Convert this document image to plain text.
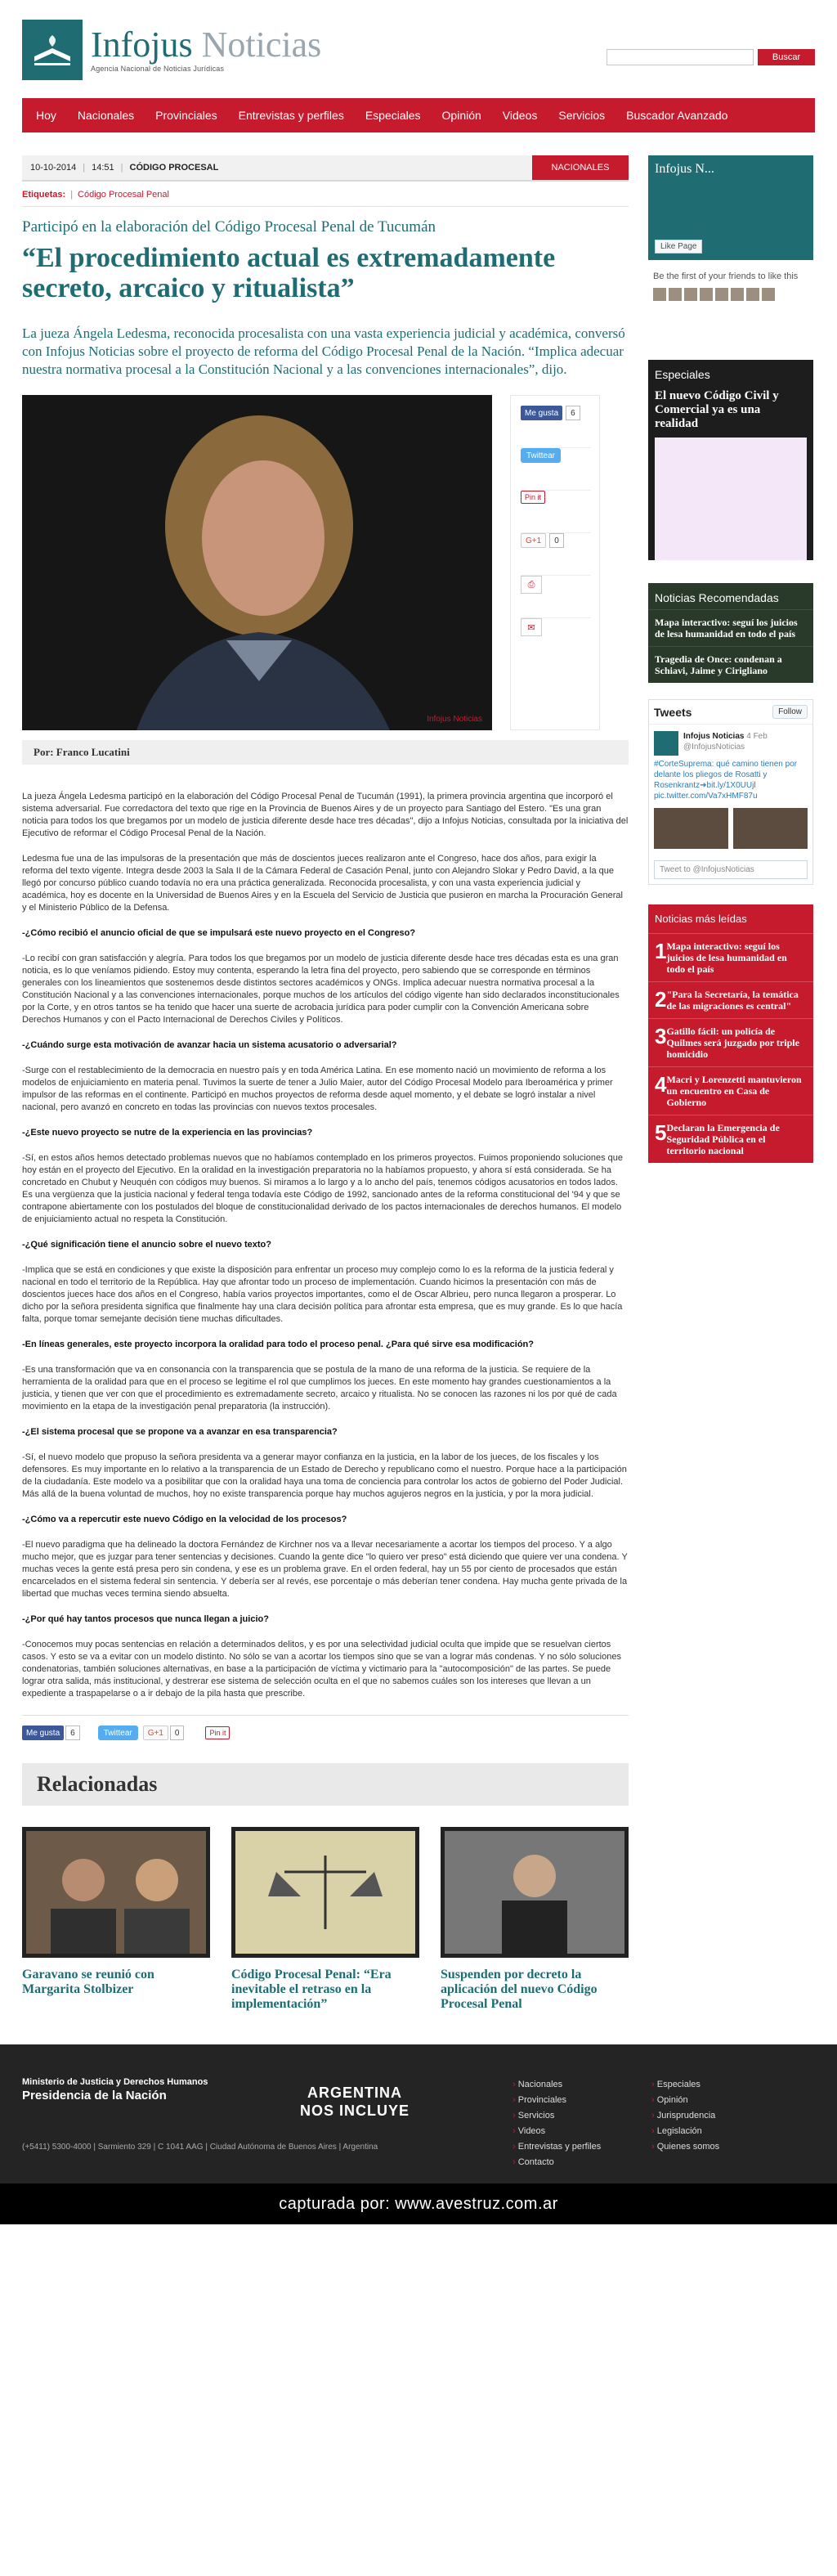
Infojus Noticias
Agencia Nacional de Noticias Jurídicas
Buscar
Hoy	Nacionales	Provinciales	Entrevistas y perfiles	Especiales	Opinión	Videos	Servicios	Buscador Avanzado
10-10-2014 | 14:51 | CÓDIGO PROCESAL	NACIONALES
Etiquetas: | Código Procesal Penal
Participó en la elaboración del Código Procesal Penal de Tucumán
“El procedimiento actual es extremadamente secreto, arcaico y ritualista”

La jueza Ángela Ledesma, reconocida procesalista con una vasta experiencia judicial y académica, conversó con Infojus Noticias sobre el proyecto de reforma del Código Procesal Penal de la Nación. “Implica adecuar nuestra normativa procesal a la Constitución Nacional y a las convenciones internacionales”, dijo.

Infojus Noticias
Me gusta	6
Twittear
Pin it
G+1	0
⎙
✉
Por: Franco Lucatini

La jueza Ángela Ledesma participó en la elaboración del Código Procesal Penal de Tucumán (1991), la primera provincia argentina que incorporó el sistema adversarial. Fue corredactora del texto que rige en la Provincia de Buenos Aires y de un proyecto para Santiago del Estero. "Es una gran noticia para todos los que bregamos por un modelo de justicia diferente desde hace tres décadas", dijo a Infojus Noticias, consultada por la iniciativa del Ejecutivo de reformar el Código Procesal Penal de la Nación.

Ledesma fue una de las impulsoras de la presentación que más de doscientos jueces realizaron ante el Congreso, hace dos años, para exigir la reforma del texto vigente. Integra desde 2003 la Sala II de la Cámara Federal de Casación Penal, junto con Alejandro Slokar y Pedro David, a la que llegó por concurso público cuando todavía no era una práctica generalizada. Reconocida procesalista, y con una vasta experiencia judicial y académica, hoy es docente en la Universidad de Buenos Aires y en la Escuela del Servicio de Justicia que pusieron en marcha la Procuración General y el Ministerio Público de la Defensa.

-¿Cómo recibió el anuncio oficial de que se impulsará este nuevo proyecto en el Congreso?

-Lo recibí con gran satisfacción y alegría. Para todos los que bregamos por un modelo de justicia diferente desde hace tres décadas esta es una gran noticia, es lo que veníamos pidiendo. Estoy muy contenta, esperando la letra fina del proyecto, pero sabiendo que se corresponde en términos generales con los lineamientos que sostenemos desde distintos sectores académicos y ONGs. Implica adecuar nuestra normativa procesal a la Constitución Nacional y a las convenciones internacionales, porque muchos de los artículos del código vigente han sido declarados inconstitucionales por la Corte, y en otros tantos se ha tenido que hacer una suerte de acrobacia jurídica para poder cumplir con la Convención Americana sobre Derechos Humanos y con el Pacto Internacional de Derechos Civiles y Políticos.

-¿Cuándo surge esta motivación de avanzar hacia un sistema acusatorio o adversarial?

-Surge con el restablecimiento de la democracia en nuestro país y en toda América Latina. En ese momento nació un movimiento de reforma a los modelos de enjuiciamiento en materia penal. Tuvimos la suerte de tener a Julio Maier, autor del Código Procesal Modelo para Iberoamérica y primer impulsor de las reformas en el continente. Participó en muchos proyectos de reforma desde aquel momento, y el debate se logró instalar a nivel nacional, pero avanzó en concreto en todas las provincias con nuevos textos procesales.

-¿Este nuevo proyecto se nutre de la experiencia en las provincias?

-Sí, en estos años hemos detectado problemas nuevos que no habíamos contemplado en los primeros proyectos. Fuimos proponiendo soluciones que hoy están en el proyecto del Ejecutivo. En la oralidad en la investigación preparatoria no la habíamos propuesto, y ahora sí está considerada. Se ha concretado en Chubut y Neuquén con códigos muy buenos. Si miramos a lo largo y a lo ancho del país, tenemos códigos acusatorios en todos lados. Es una vergüenza que la justicia nacional y federal tenga todavía este Código de 1992, sancionado antes de la reforma constitucional del '94 y que se contrapone abiertamente con los postulados del bloque de constitucionalidad derivado de los pactos internacionales de derechos humanos. El modelo de enjuiciamiento actual no respeta la Constitución.

-¿Qué significación tiene el anuncio sobre el nuevo texto?

-Implica que se está en condiciones y que existe la disposición para enfrentar un proceso muy complejo como lo es la reforma de la justicia federal y nacional en todo el territorio de la República. Hay que afrontar todo un proceso de implementación. Cuando hicimos la presentación con más de doscientos jueces hace dos años en el Congreso, había varios proyectos importantes, como el de Oscar Albrieu, pero nunca llegaron a prosperar. Lo dicho por la señora presidenta significa que finalmente hay una clara decisión política para afrontar esta empresa, que es muy grande. Es lo que hacía falta, porque tomar semejante decisión tiene muchas dificultades.

-En líneas generales, este proyecto incorpora la oralidad para todo el proceso penal. ¿Para qué sirve esa modificación?

-Es una transformación que va en consonancia con la transparencia que se postula de la mano de una reforma de la justicia. Se requiere de la herramienta de la oralidad para que en el proceso se legitime el rol que cumplimos los jueces. En este momento hay grandes cuestionamientos a la justicia, y tienen que ver con que el procedimiento es extremadamente secreto, arcaico y ritualista. No se conocen las razones ni los por qué de cada movimiento en la etapa de la investigación penal preparatoria (la instrucción).

-¿El sistema procesal que se propone va a avanzar en esa transparencia?

-Sí, el nuevo modelo que propuso la señora presidenta va a generar mayor confianza en la justicia, en la labor de los jueces, de los fiscales y los defensores. Es muy importante en lo relativo a la transparencia de un Estado de Derecho y republicano como el nuestro. Porque hace a la participación de la ciudadanía. Este modelo va a posibilitar que con la oralidad haya una toma de conciencia para controlar los actos de gobierno del Poder Judicial. Más allá de la buena voluntad de muchos, hoy no existe transparencia porque hay muchos agujeros negros en la justicia, y por la mora judicial.

-¿Cómo va a repercutir este nuevo Código en la velocidad de los procesos?

-El nuevo paradigma que ha delineado la doctora Fernández de Kirchner nos va a llevar necesariamente a acortar los tiempos del proceso. Y a algo mucho mejor, que es juzgar para tener sentencias y decisiones. Cuando la gente dice "lo quiero ver preso" está diciendo que quiere ver una condena. Y muchas veces la gente está presa pero sin condena, y ese es un problema grave. En el orden federal, hay un 55 por ciento de procesados que están encarcelados en el sistema federal sin sentencia. Y debería ser al revés, ese porcentaje o más deberían tener condena. Hay mucha gente privada de la libertad que muchas veces termina siendo absuelta.

-¿Por qué hay tantos procesos que nunca llegan a juicio?

-Conocemos muy pocas sentencias en relación a determinados delitos, y es por una selectividad judicial oculta que impide que se resuelvan ciertos casos. Y esto se va a evitar con un modelo distinto. No sólo se van a acortar los tiempos sino que se van a lograr más condenas. Y no sólo soluciones condenatorias, también soluciones alternativas, en base a la participación de víctima y victimario para la "autocomposición" de las partes. Se puede lograr otra salida, más institucional, y destrerar ese sistema de selección oculta en el que no sabemos cuáles son los intereses que llevan a un expediente a traspapelarse o a ir debajo de la pila hasta que prescribe.

Me gusta	6	Twittear	G+1	0	Pin it
Relacionadas
Garavano se reunió con Margarita Stolbizer
Código Procesal Penal: “Era inevitable el retraso en la implementación”
Suspenden por decreto la aplicación del nuevo Código Procesal Penal
Infojus N...
Like Page
Be the first of your friends to like this
Especiales
El nuevo Código Civil y Comercial ya es una realidad
Noticias Recomendadas
Mapa interactivo: seguí los juicios de lesa humanidad en todo el país
Tragedia de Once: condenan a Schiavi, Jaime y Cirigliano
Tweets	Follow
Infojus Noticias 4 Feb
@InfojusNoticias
#CorteSuprema: qué camino tienen por delante los pliegos de Rosatti y Rosenkrantz➔bit.ly/1X0UUjl pic.twitter.com/Va7xHMF87u
Tweet to @InfojusNoticias
Noticias más leídas
1 Mapa interactivo: seguí los juicios de lesa humanidad en todo el país
2 "Para la Secretaría, la temática de las migraciones es central"
3 Gatillo fácil: un policía de Quilmes será juzgado por triple homicidio
4 Macri y Lorenzetti mantuvieron un encuentro en Casa de Gobierno
5 Declaran la Emergencia de Seguridad Pública en el territorio nacional
Ministerio de Justicia y Derechos Humanos
Presidencia de la Nación
(+5411) 5300-4000 | Sarmiento 329 | C 1041 AAG | Ciudad Autónoma de Buenos Aires | Argentina
ARGENTINA
NOS INCLUYE
› Nacionales
› Provinciales
› Servicios
› Videos
› Entrevistas y perfiles
› Contacto
› Especiales
› Opinión
› Jurisprudencia
› Legislación
› Quienes somos
capturada por: www.avestruz.com.ar
